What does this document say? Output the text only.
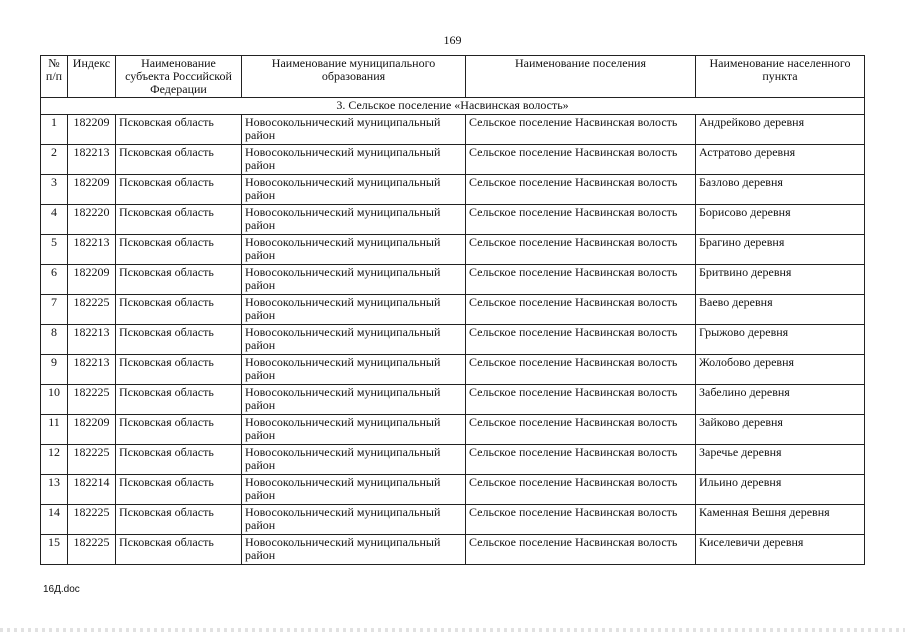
169
№ п/п	Индекс	Наименование субъекта Российской Федерации	Наименование муниципального образования	Наименование поселения	Наименование населенного пункта
3. Сельское поселение «Насвинская волость»					
1	182209	Псковская область	Новосокольнический муниципальный район	Сельское поселение Насвинская волость	Андрейково деревня
2	182213	Псковская область	Новосокольнический муниципальный район	Сельское поселение Насвинская волость	Астратово деревня
3	182209	Псковская область	Новосокольнический муниципальный район	Сельское поселение Насвинская волость	Базлово деревня
4	182220	Псковская область	Новосокольнический муниципальный район	Сельское поселение Насвинская волость	Борисово деревня
5	182213	Псковская область	Новосокольнический муниципальный район	Сельское поселение Насвинская волость	Брагино деревня
6	182209	Псковская область	Новосокольнический муниципальный район	Сельское поселение Насвинская волость	Бритвино деревня
7	182225	Псковская область	Новосокольнический муниципальный район	Сельское поселение Насвинская волость	Ваево деревня
8	182213	Псковская область	Новосокольнический муниципальный район	Сельское поселение Насвинская волость	Грыжово деревня
9	182213	Псковская область	Новосокольнический муниципальный район	Сельское поселение Насвинская волость	Жолобово деревня
10	182225	Псковская область	Новосокольнический муниципальный район	Сельское поселение Насвинская волость	Забелино деревня
11	182209	Псковская область	Новосокольнический муниципальный район	Сельское поселение Насвинская волость	Зайково деревня
12	182225	Псковская область	Новосокольнический муниципальный район	Сельское поселение Насвинская волость	Заречье деревня
13	182214	Псковская область	Новосокольнический муниципальный район	Сельское поселение Насвинская волость	Ильино деревня
14	182225	Псковская область	Новосокольнический муниципальный район	Сельское поселение Насвинская волость	Каменная Вешня деревня
15	182225	Псковская область	Новосокольнический муниципальный район	Сельское поселение Насвинская волость	Киселевичи деревня
16Д.doc
